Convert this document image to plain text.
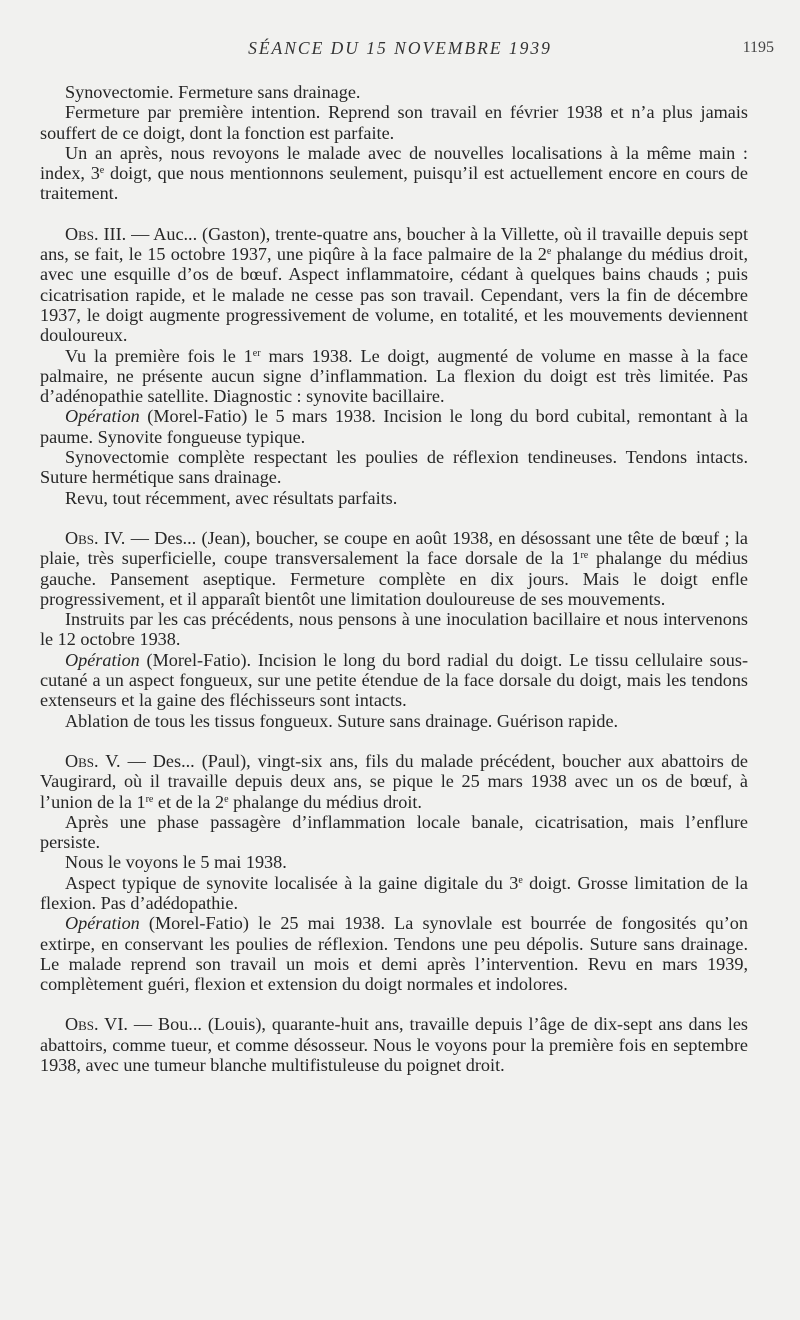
SÉANCE DU 15 NOVEMBRE 1939	1195

Synovectomie. Fermeture sans drainage.

Fermeture par première intention. Reprend son travail en février 1938 et n’a plus jamais souffert de ce doigt, dont la fonction est parfaite.

Un an après, nous revoyons le malade avec de nouvelles localisations à la même main : index, 3e doigt, que nous mentionnons seulement, puisqu’il est actuellement encore en cours de traitement.

Obs. III. — Auc... (Gaston), trente-quatre ans, boucher à la Villette, où il travaille depuis sept ans, se fait, le 15 octobre 1937, une piqûre à la face palmaire de la 2e phalange du médius droit, avec une esquille d’os de bœuf. Aspect inflammatoire, cédant à quelques bains chauds ; puis cicatrisation rapide, et le malade ne cesse pas son travail. Cependant, vers la fin de décembre 1937, le doigt augmente progressivement de volume, en totalité, et les mouvements deviennent douloureux.

Vu la première fois le 1er mars 1938. Le doigt, augmenté de volume en masse à la face palmaire, ne présente aucun signe d’inflammation. La flexion du doigt est très limitée. Pas d’adénopathie satellite. Diagnostic : synovite bacillaire.

Opération (Morel-Fatio) le 5 mars 1938. Incision le long du bord cubital, remontant à la paume. Synovite fongueuse typique.

Synovectomie complète respectant les poulies de réflexion tendineuses. Tendons intacts. Suture hermétique sans drainage.

Revu, tout récemment, avec résultats parfaits.

Obs. IV. — Des... (Jean), boucher, se coupe en août 1938, en désossant une tête de bœuf ; la plaie, très superficielle, coupe transversalement la face dorsale de la 1re phalange du médius gauche. Pansement aseptique. Fermeture complète en dix jours. Mais le doigt enfle progressivement, et il apparaît bientôt une limitation douloureuse de ses mouvements.

Instruits par les cas précédents, nous pensons à une inoculation bacillaire et nous intervenons le 12 octobre 1938.

Opération (Morel-Fatio). Incision le long du bord radial du doigt. Le tissu cellulaire sous-cutané a un aspect fongueux, sur une petite étendue de la face dorsale du doigt, mais les tendons extenseurs et la gaine des fléchisseurs sont intacts.

Ablation de tous les tissus fongueux. Suture sans drainage. Guérison rapide.

Obs. V. — Des... (Paul), vingt-six ans, fils du malade précédent, boucher aux abattoirs de Vaugirard, où il travaille depuis deux ans, se pique le 25 mars 1938 avec un os de bœuf, à l’union de la 1re et de la 2e phalange du médius droit.

Après une phase passagère d’inflammation locale banale, cicatrisation, mais l’enflure persiste.

Nous le voyons le 5 mai 1938.

Aspect typique de synovite localisée à la gaine digitale du 3e doigt. Grosse limitation de la flexion. Pas d’adédopathie.

Opération (Morel-Fatio) le 25 mai 1938. La synovlale est bourrée de fongosités qu’on extirpe, en conservant les poulies de réflexion. Tendons une peu dépolis. Suture sans drainage. Le malade reprend son travail un mois et demi après l’intervention. Revu en mars 1939, complètement guéri, flexion et extension du doigt normales et indolores.

Obs. VI. — Bou... (Louis), quarante-huit ans, travaille depuis l’âge de dix-sept ans dans les abattoirs, comme tueur, et comme désosseur. Nous le voyons pour la première fois en septembre 1938, avec une tumeur blanche multifistuleuse du poignet droit.
